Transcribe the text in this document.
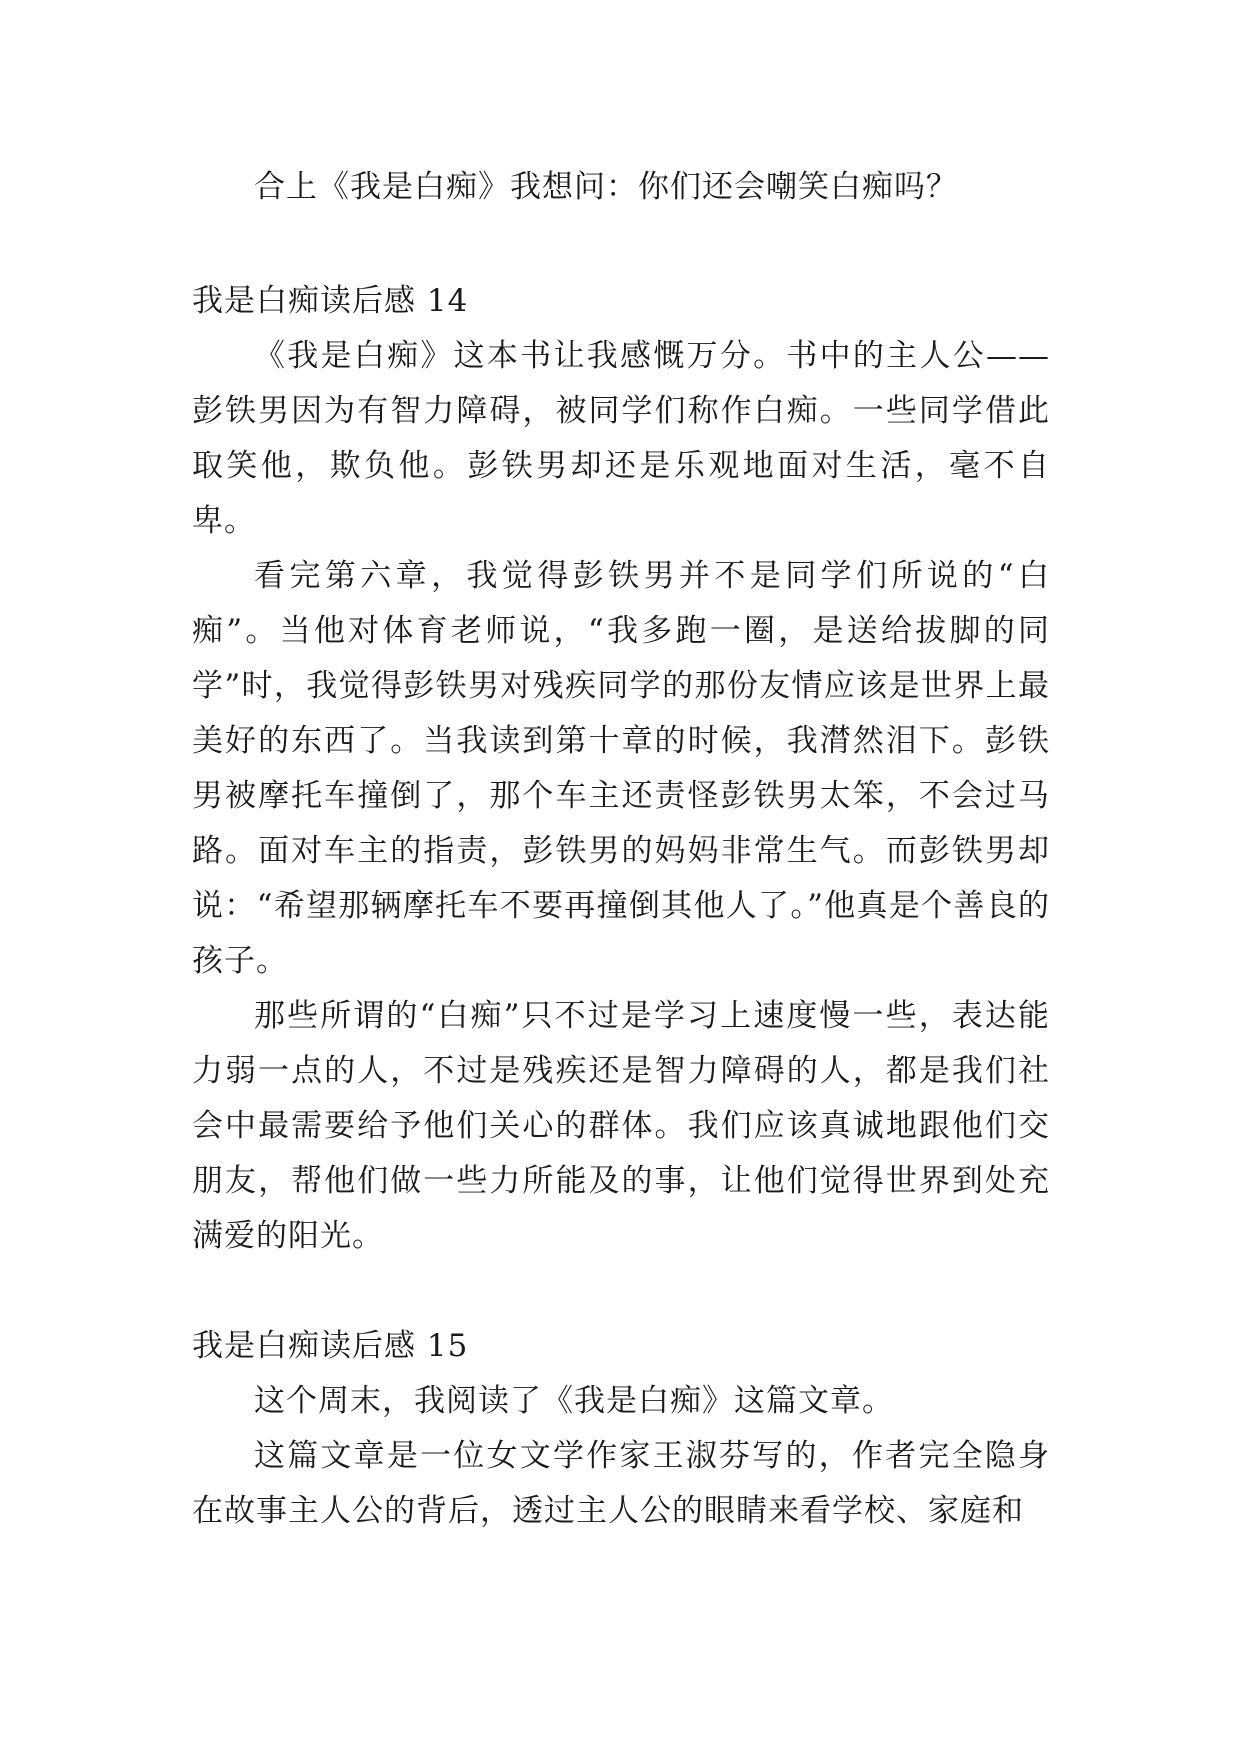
合上《我是白痴》我想问：你们还会嘲笑白痴吗？

我是白痴读后感 14

《我是白痴》这本书让我感慨万分。书中的主人公——彭铁男因为有智力障碍，被同学们称作白痴。一些同学借此取笑他，欺负他。彭铁男却还是乐观地面对生活，毫不自卑。

看完第六章，我觉得彭铁男并不是同学们所说的“白痴”。当他对体育老师说，“我多跑一圈，是送给拔脚的同学”时，我觉得彭铁男对残疾同学的那份友情应该是世界上最美好的东西了。当我读到第十章的时候，我潸然泪下。彭铁男被摩托车撞倒了，那个车主还责怪彭铁男太笨，不会过马路。面对车主的指责，彭铁男的妈妈非常生气。而彭铁男却说：“希望那辆摩托车不要再撞倒其他人了。”他真是个善良的孩子。

那些所谓的“白痴”只不过是学习上速度慢一些，表达能力弱一点的人，不过是残疾还是智力障碍的人，都是我们社会中最需要给予他们关心的群体。我们应该真诚地跟他们交朋友，帮他们做一些力所能及的事，让他们觉得世界到处充满爱的阳光。

我是白痴读后感 15

这个周末，我阅读了《我是白痴》这篇文章。

这篇文章是一位女文学作家王淑芬写的，作者完全隐身在故事主人公的背后，透过主人公的眼睛来看学校、家庭和
